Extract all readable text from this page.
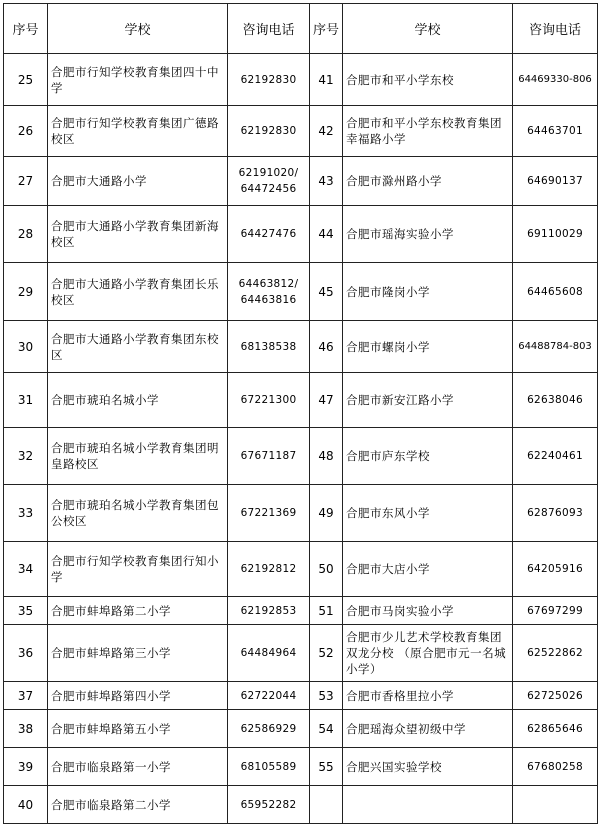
序号	学校	咨询电话	序号	学校	咨询电话
25	合肥市行知学校教育集团四十中学	62192830	41	合肥市和平小学东校	64469330-806
26	合肥市行知学校教育集团广德路校区	62192830	42	合肥市和平小学东校教育集团幸福路小学	64463701
27	合肥市大通路小学	62191020/ 64472456	43	合肥市滁州路小学	64690137
28	合肥市大通路小学教育集团新海校区	64427476	44	合肥市瑶海实验小学	69110029
29	合肥市大通路小学教育集团长乐校区	64463812/ 64463816	45	合肥市隆岗小学	64465608
30	合肥市大通路小学教育集团东校区	68138538	46	合肥市螺岗小学	64488784-803
31	合肥市琥珀名城小学	67221300	47	合肥市新安江路小学	62638046
32	合肥市琥珀名城小学教育集团明皇路校区	67671187	48	合肥市庐东学校	62240461
33	合肥市琥珀名城小学教育集团包公校区	67221369	49	合肥市东风小学	62876093
34	合肥市行知学校教育集团行知小学	62192812	50	合肥市大店小学	64205916
35	合肥市蚌埠路第二小学	62192853	51	合肥市马岗实验小学	67697299
36	合肥市蚌埠路第三小学	64484964	52	合肥市少儿艺术学校教育集团双龙分校 （原合肥市元一名城小学）	62522862
37	合肥市蚌埠路第四小学	62722044	53	合肥市香格里拉小学	62725026
38	合肥市蚌埠路第五小学	62586929	54	合肥瑶海众望初级中学	62865646
39	合肥市临泉路第一小学	68105589	55	合肥兴国实验学校	67680258
40	合肥市临泉路第二小学	65952282			
